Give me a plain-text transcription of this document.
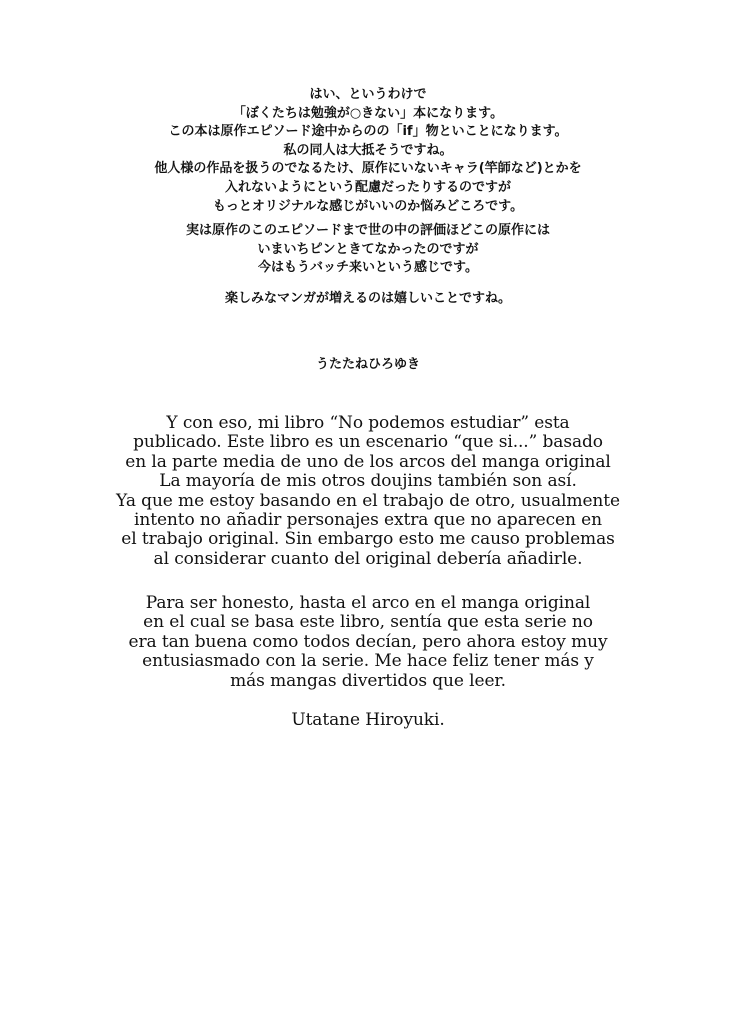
はい、というわけで
「ぼくたちは勉強が○きない」本になります。
この本は原作エピソード途中からのの「if」物といことになります。
私の同人は大抵そうですね。
他人様の作品を扱うのでなるたけ、原作にいないキャラ(竿師など)とかを
入れないようにという配慮だったりするのですが
もっとオリジナルな感じがいいのか悩みどころです。
実は原作のこのエピソードまで世の中の評価ほどこの原作には
いまいちピンときてなかったのですが
今はもうバッチ来いという感じです。
楽しみなマンガが増えるのは嬉しいことですね。
うたたねひろゆき
Y con eso, mi libro “No podemos estudiar” esta
publicado. Este libro es un escenario “que si...” basado
en la parte media de uno de los arcos del manga original
La mayoría de mis otros doujins también son así.
Ya que me estoy basando en el trabajo de otro, usualmente
intento no añadir personajes extra que no aparecen en
el trabajo original. Sin embargo esto me causo problemas
al considerar cuanto del original debería añadirle.
Para ser honesto, hasta el arco en el manga original
en el cual se basa este libro, sentía que esta serie no
era tan buena como todos decían, pero ahora estoy muy
entusiasmado con la serie. Me hace feliz tener más y
más mangas divertidos que leer.
Utatane Hiroyuki.
